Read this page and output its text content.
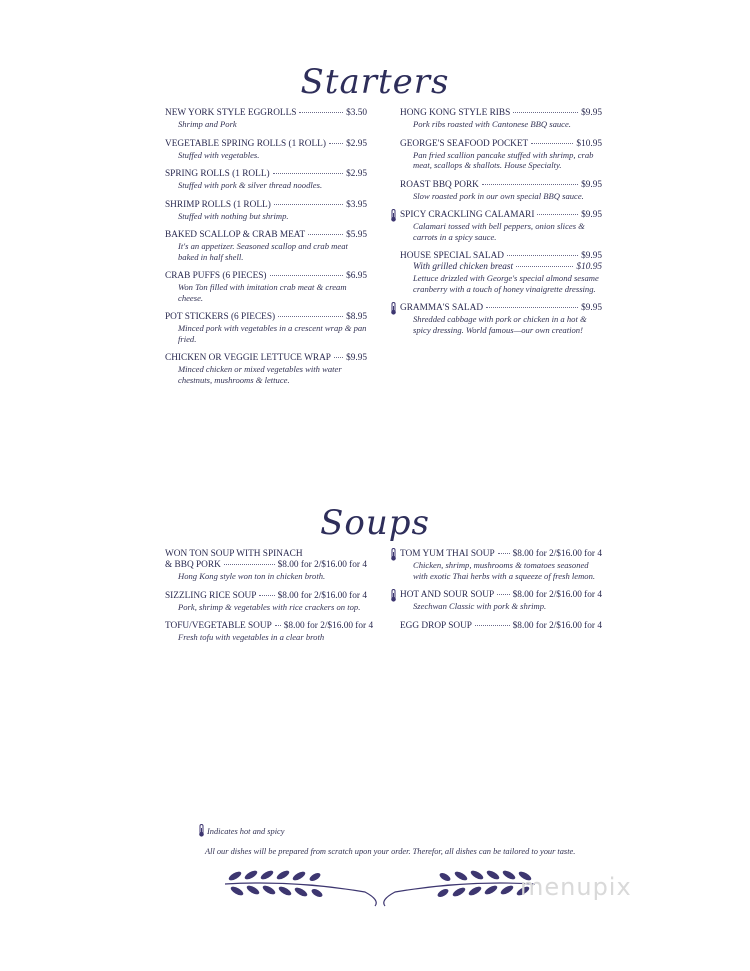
Starters
NEW YORK STYLE EGGROLLS	$3.50
Shrimp and Pork
VEGETABLE SPRING ROLLS (1 ROLL) $2.95
Stuffed with vegetables.
SPRING ROLLS (1 ROLL)	$2.95
Stuffed with pork & silver thread noodles.
SHRIMP ROLLS (1 ROLL)	$3.95
Stuffed with nothing but shrimp.
BAKED SCALLOP & CRAB MEAT	$5.95
It's an appetizer. Seasoned scallop and crab meat baked in half shell.
CRAB PUFFS (6 PIECES)	$6.95
Won Ton filled with imitation crab meat & cream cheese.
POT STICKERS (6 PIECES)	$8.95
Minced pork with vegetables in a crescent wrap & pan fried.
CHICKEN OR VEGGIE LETTUCE WRAP $9.95
Minced chicken or mixed vegetables with water chestnuts, mushrooms & lettuce.
HONG KONG STYLE RIBS	$9.95
Pork ribs roasted with Cantonese BBQ sauce.
GEORGE'S SEAFOOD POCKET	$10.95
Pan fried scallion pancake stuffed with shrimp, crab meat, scallops & shallots. House Specialty.
ROAST BBQ PORK	$9.95
Slow roasted pork in our own special BBQ sauce.
SPICY CRACKLING CALAMARI	$9.95
Calamari tossed with bell peppers, onion slices & carrots in a spicy sauce.
HOUSE SPECIAL SALAD	$9.95
With grilled chicken breast	$10.95
Lettuce drizzled with George's special almond sesame cranberry with a touch of honey vinaigrette dressing.
GRAMMA'S SALAD	$9.95
Shredded cabbage with pork or chicken in a hot & spicy dressing. World famous—our own creation!
Soups
WON TON SOUP WITH SPINACH
& BBQ PORK	$8.00 for 2/$16.00 for 4
Hong Kong style won ton in chicken broth.
SIZZLING RICE SOUP $8.00 for 2/$16.00 for 4
Pork, shrimp & vegetables with rice crackers on top.
TOFU/VEGETABLE SOUP $8.00 for 2/$16.00 for 4
Fresh tofu with vegetables in a clear broth
TOM YUM THAI SOUP $8.00 for 2/$16.00 for 4
Chicken, shrimp, mushrooms & tomatoes seasoned with exotic Thai herbs with a squeeze of fresh lemon.
HOT AND SOUR SOUP $8.00 for 2/$16.00 for 4
Szechwan Classic with pork & shrimp.
EGG DROP SOUP	$8.00 for 2/$16.00 for 4
Indicates hot and spicy
All our dishes will be prepared from scratch upon your order. Therefor, all dishes can be tailored to your taste.
menupix
